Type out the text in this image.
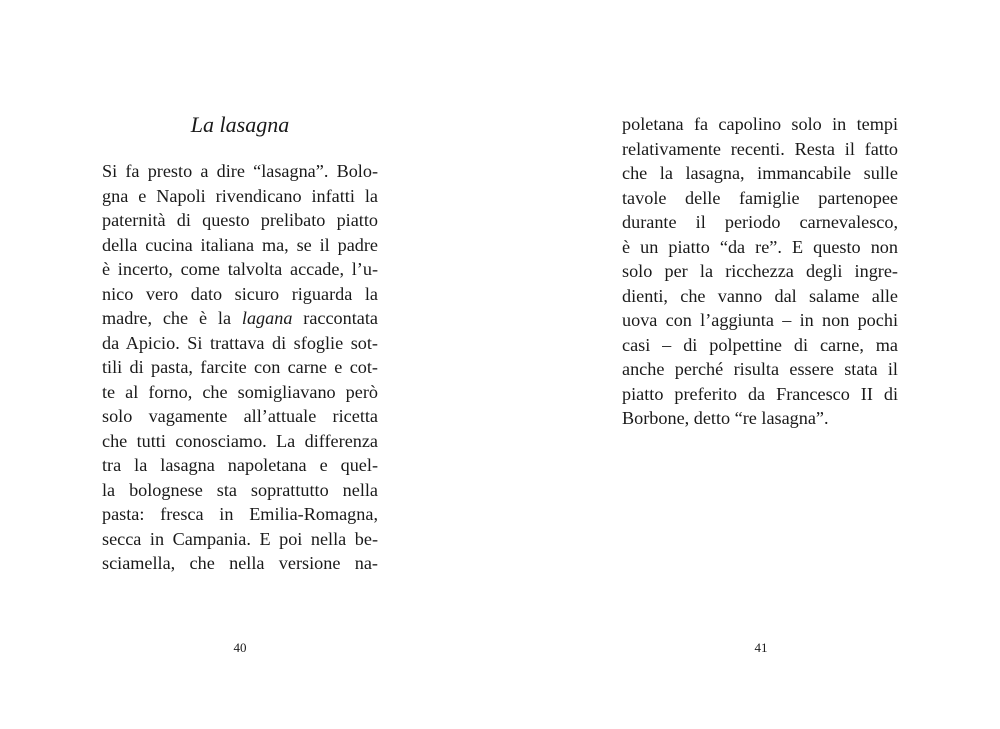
La lasagna
Si fa presto a dire “lasagna”. Bolo-
gna e Napoli rivendicano infatti la
paternità di questo prelibato piatto
della cucina italiana ma, se il padre
è incerto, come talvolta accade, l’u-
nico vero dato sicuro riguarda la
madre, che è la lagana raccontata
da Apicio. Si trattava di sfoglie sot-
tili di pasta, farcite con carne e cot-
te al forno, che somigliavano però
solo vagamente all’attuale ricetta
che tutti conosciamo. La differenza
tra la lasagna napoletana e quel-
la bolognese sta soprattutto nella
pasta: fresca in Emilia-Romagna,
secca in Campania. E poi nella be-
sciamella, che nella versione na-
40
poletana fa capolino solo in tempi
relativamente recenti. Resta il fatto
che la lasagna, immancabile sulle
tavole delle famiglie partenopee
durante il periodo carnevalesco,
è un piatto “da re”. E questo non
solo per la ricchezza degli ingre-
dienti, che vanno dal salame alle
uova con l’aggiunta – in non pochi
casi – di polpettine di carne, ma
anche perché risulta essere stata il
piatto preferito da Francesco II di
Borbone, detto “re lasagna”.
41
